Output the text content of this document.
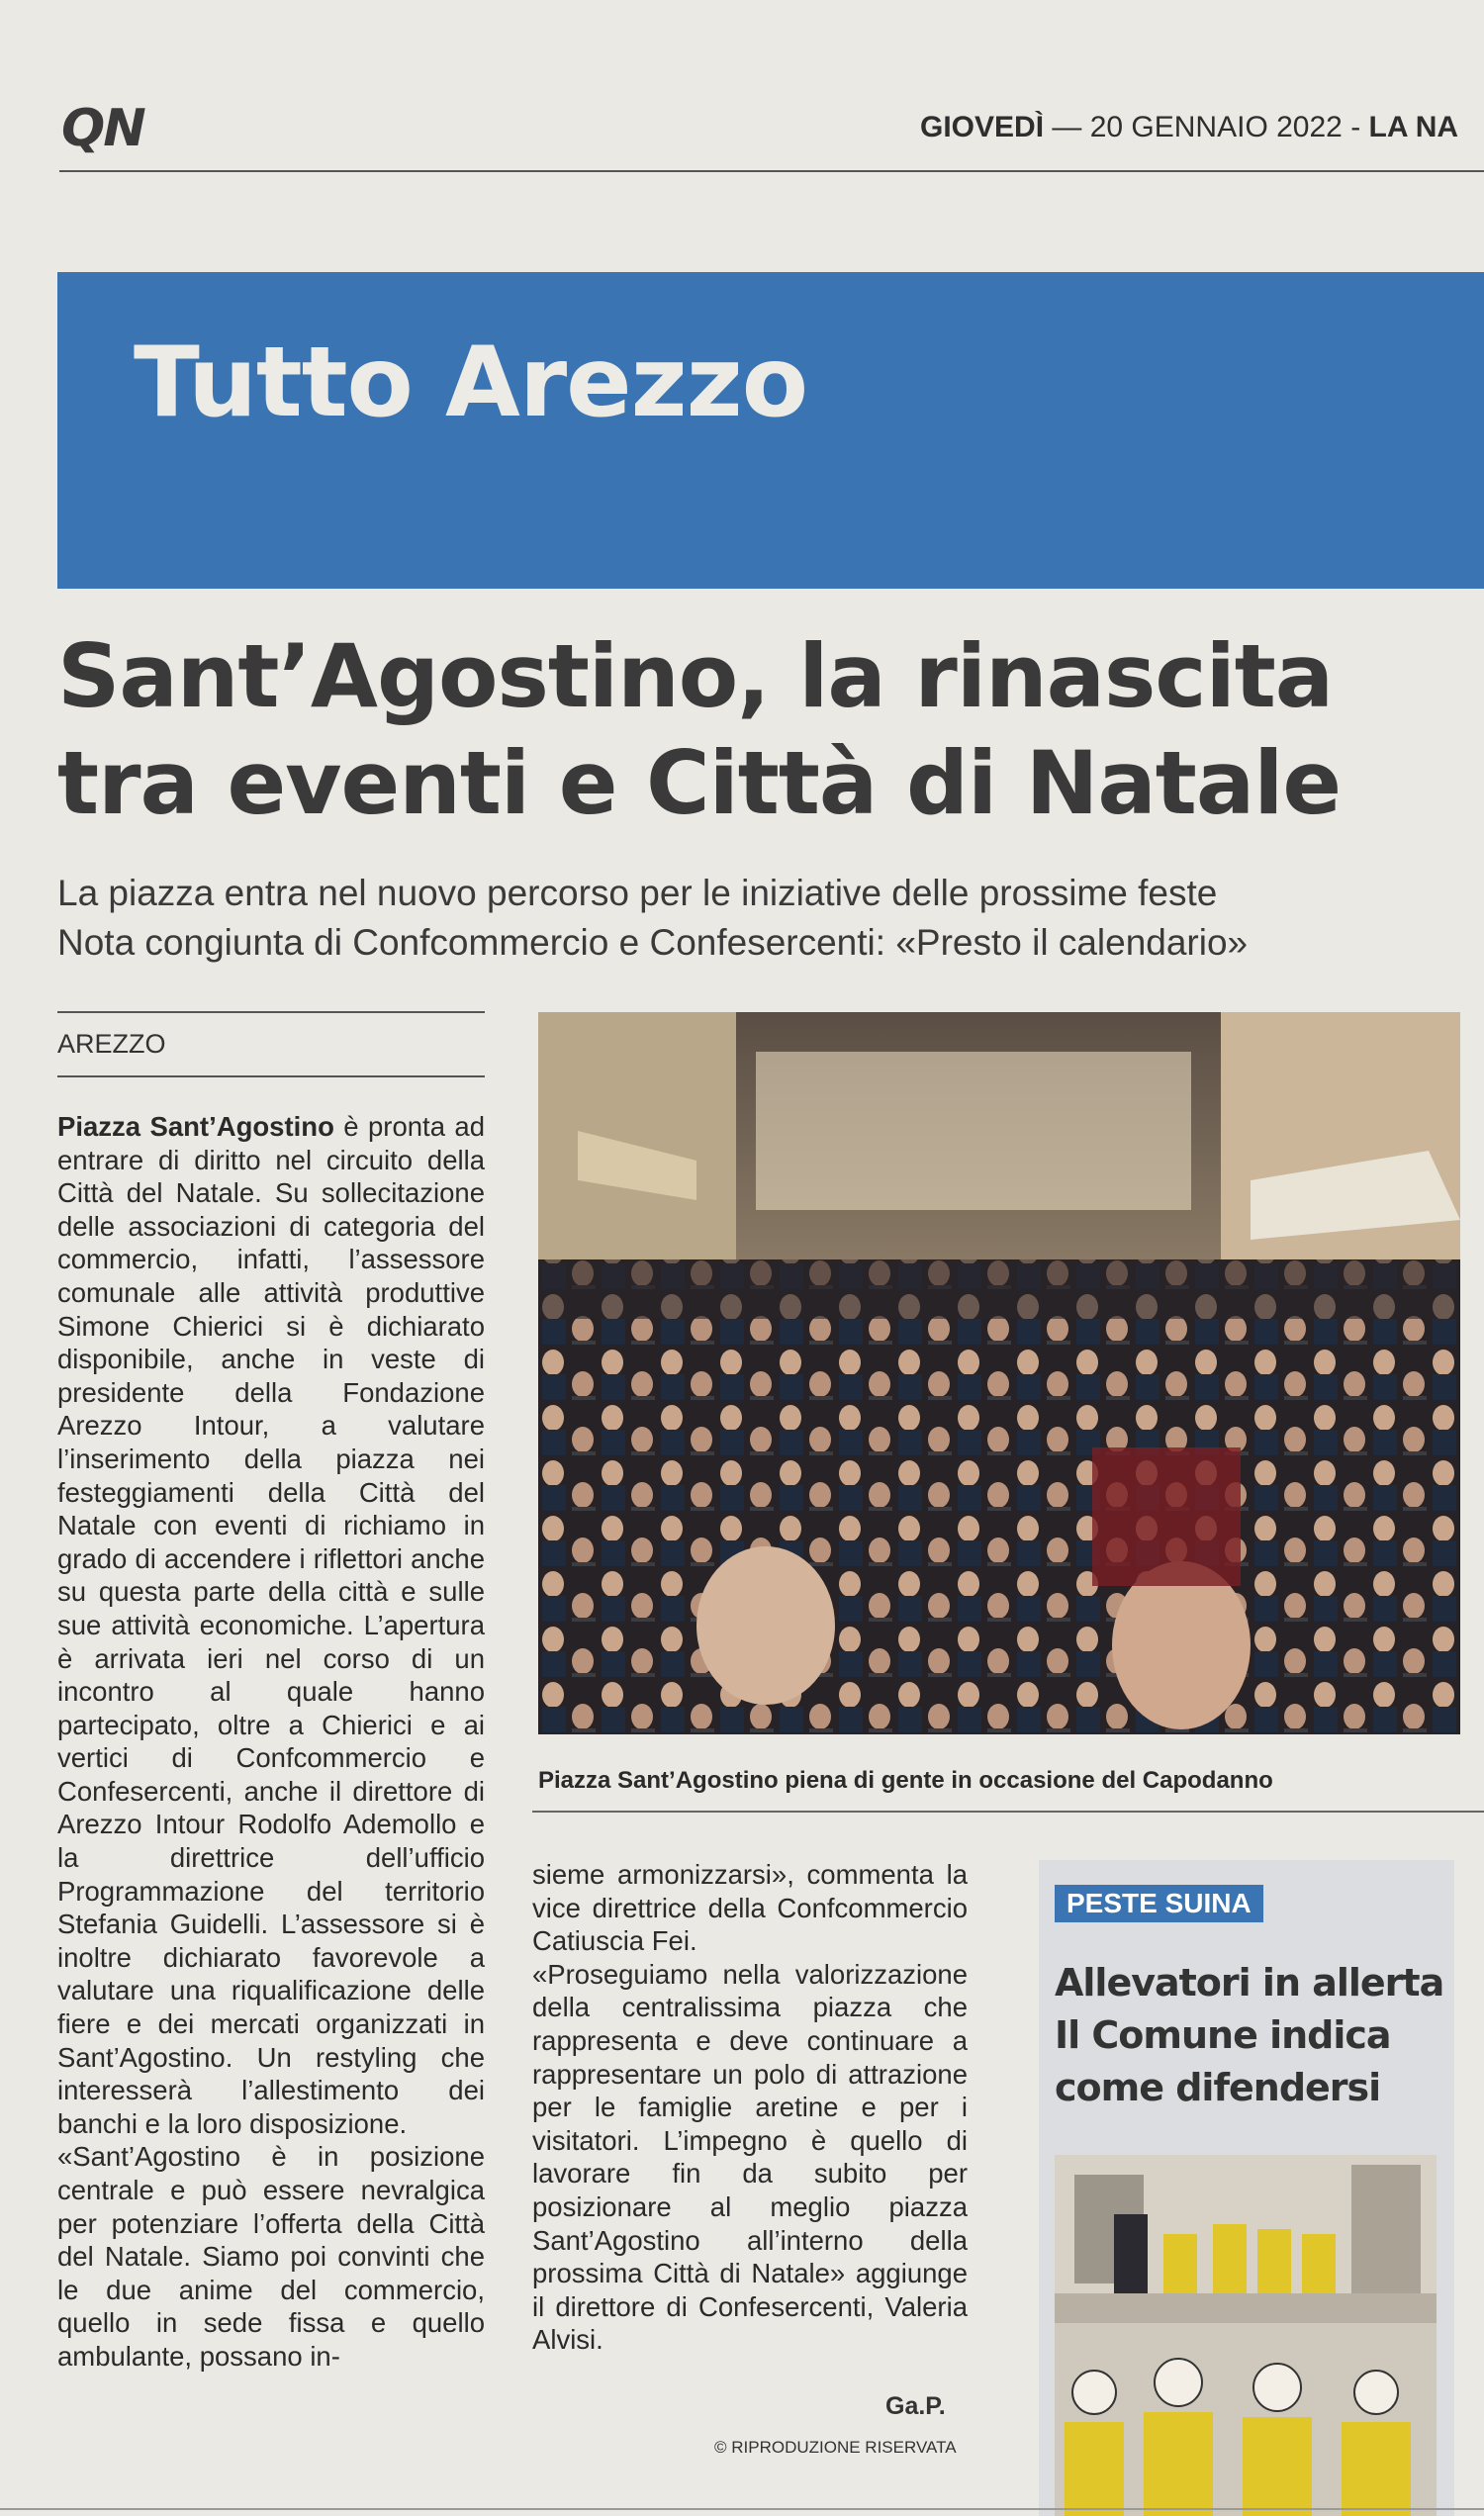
QN	GIOVEDÌ — 20 GENNAIO 2022 - LA NA
Tutto Arezzo
Sant’Agostino, la rinascita
tra eventi e Città di Natale
La piazza entra nel nuovo percorso per le iniziative delle prossime feste
Nota congiunta di Confcommercio e Confesercenti: «Presto il calendario»
AREZZO

Piazza Sant’Agostino è pronta ad entrare di diritto nel circuito della Città del Natale. Su sollecitazione delle associazioni di categoria del commercio, infatti, l’assessore comunale alle attività produttive Simone Chierici si è dichiarato disponibile, anche in veste di presidente della Fondazione Arezzo Intour, a valutare l’inserimento della piazza nei festeggiamenti della Città del Natale con eventi di richiamo in grado di accendere i riflettori anche su questa parte della città e sulle sue attività economiche. L’apertura è arrivata ieri nel corso di un incontro al quale hanno partecipato, oltre a Chierici e ai vertici di Confcommercio e Confesercenti, anche il direttore di Arezzo Intour Rodolfo Ademollo e la direttrice dell’ufficio Programmazione del territorio Stefania Guidelli. L’assessore si è inoltre dichiarato favorevole a valutare una riqualificazione delle fiere e dei mercati organizzati in Sant’Agostino. Un restyling che interesserà l’allestimento dei banchi e la loro disposizione.

«Sant’Agostino è in posizione centrale e può essere nevralgica per potenziare l’offerta della Città del Natale. Siamo poi convinti che le due anime del commercio, quello in sede fissa e quello ambulante, possano in-

Piazza Sant’Agostino piena di gente in occasione del Capodanno

sieme armonizzarsi», commenta la vice direttrice della Confcommercio Catiuscia Fei.

«Proseguiamo nella valorizzazione della centralissima piazza che rappresenta e deve continuare a rappresentare un polo di attrazione per le famiglie aretine e per i visitatori. L’impegno è quello di lavorare fin da subito per posizionare al meglio piazza Sant’Agostino all’interno della prossima Città di Natale» aggiunge il direttore di Confesercenti, Valeria Alvisi.

Ga.P.
© RIPRODUZIONE RISERVATA
PESTE SUINA
Allevatori in allerta
Il Comune indica
come difendersi
